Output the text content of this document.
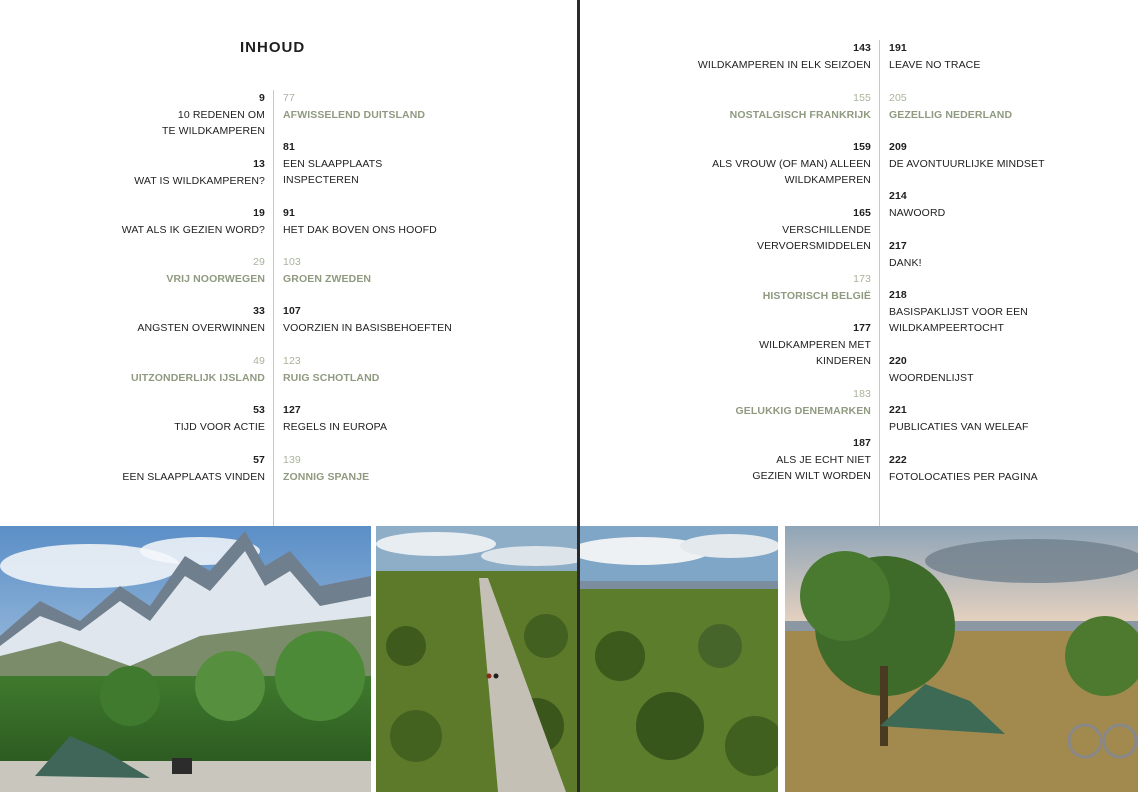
INHOUD
9
10 REDENEN OM
TE WILDKAMPEREN
13
WAT IS WILDKAMPEREN?
19
WAT ALS IK GEZIEN WORD?
29
VRIJ NOORWEGEN
33
ANGSTEN OVERWINNEN
49
UITZONDERLIJK IJSLAND
53
TIJD VOOR ACTIE
57
EEN SLAAPPLAATS VINDEN
77
AFWISSELEND DUITSLAND
81
EEN SLAAPPLAATS
INSPECTEREN
91
HET DAK BOVEN ONS HOOFD
103
GROEN ZWEDEN
107
VOORZIEN IN BASISBEHOEFTEN
123
RUIG SCHOTLAND
127
REGELS IN EUROPA
139
ZONNIG SPANJE
143
WILDKAMPEREN IN ELK SEIZOEN
155
NOSTALGISCH FRANKRIJK
159
ALS VROUW (OF MAN) ALLEEN
WILDKAMPEREN
165
VERSCHILLENDE
VERVOERSMIDDELEN
173
HISTORISCH BELGIË
177
WILDKAMPEREN MET
KINDEREN
183
GELUKKIG DENEMARKEN
187
ALS JE ECHT NIET
GEZIEN WILT WORDEN
191
LEAVE NO TRACE
205
GEZELLIG NEDERLAND
209
DE AVONTUURLIJKE MINDSET
214
NAWOORD
217
DANK!
218
BASISPAKLIJST VOOR EEN
WILDKAMPEERTOCHT
220
WOORDENLIJST
221
PUBLICATIES VAN WELEAF
222
FOTOLOCATIES PER PAGINA
